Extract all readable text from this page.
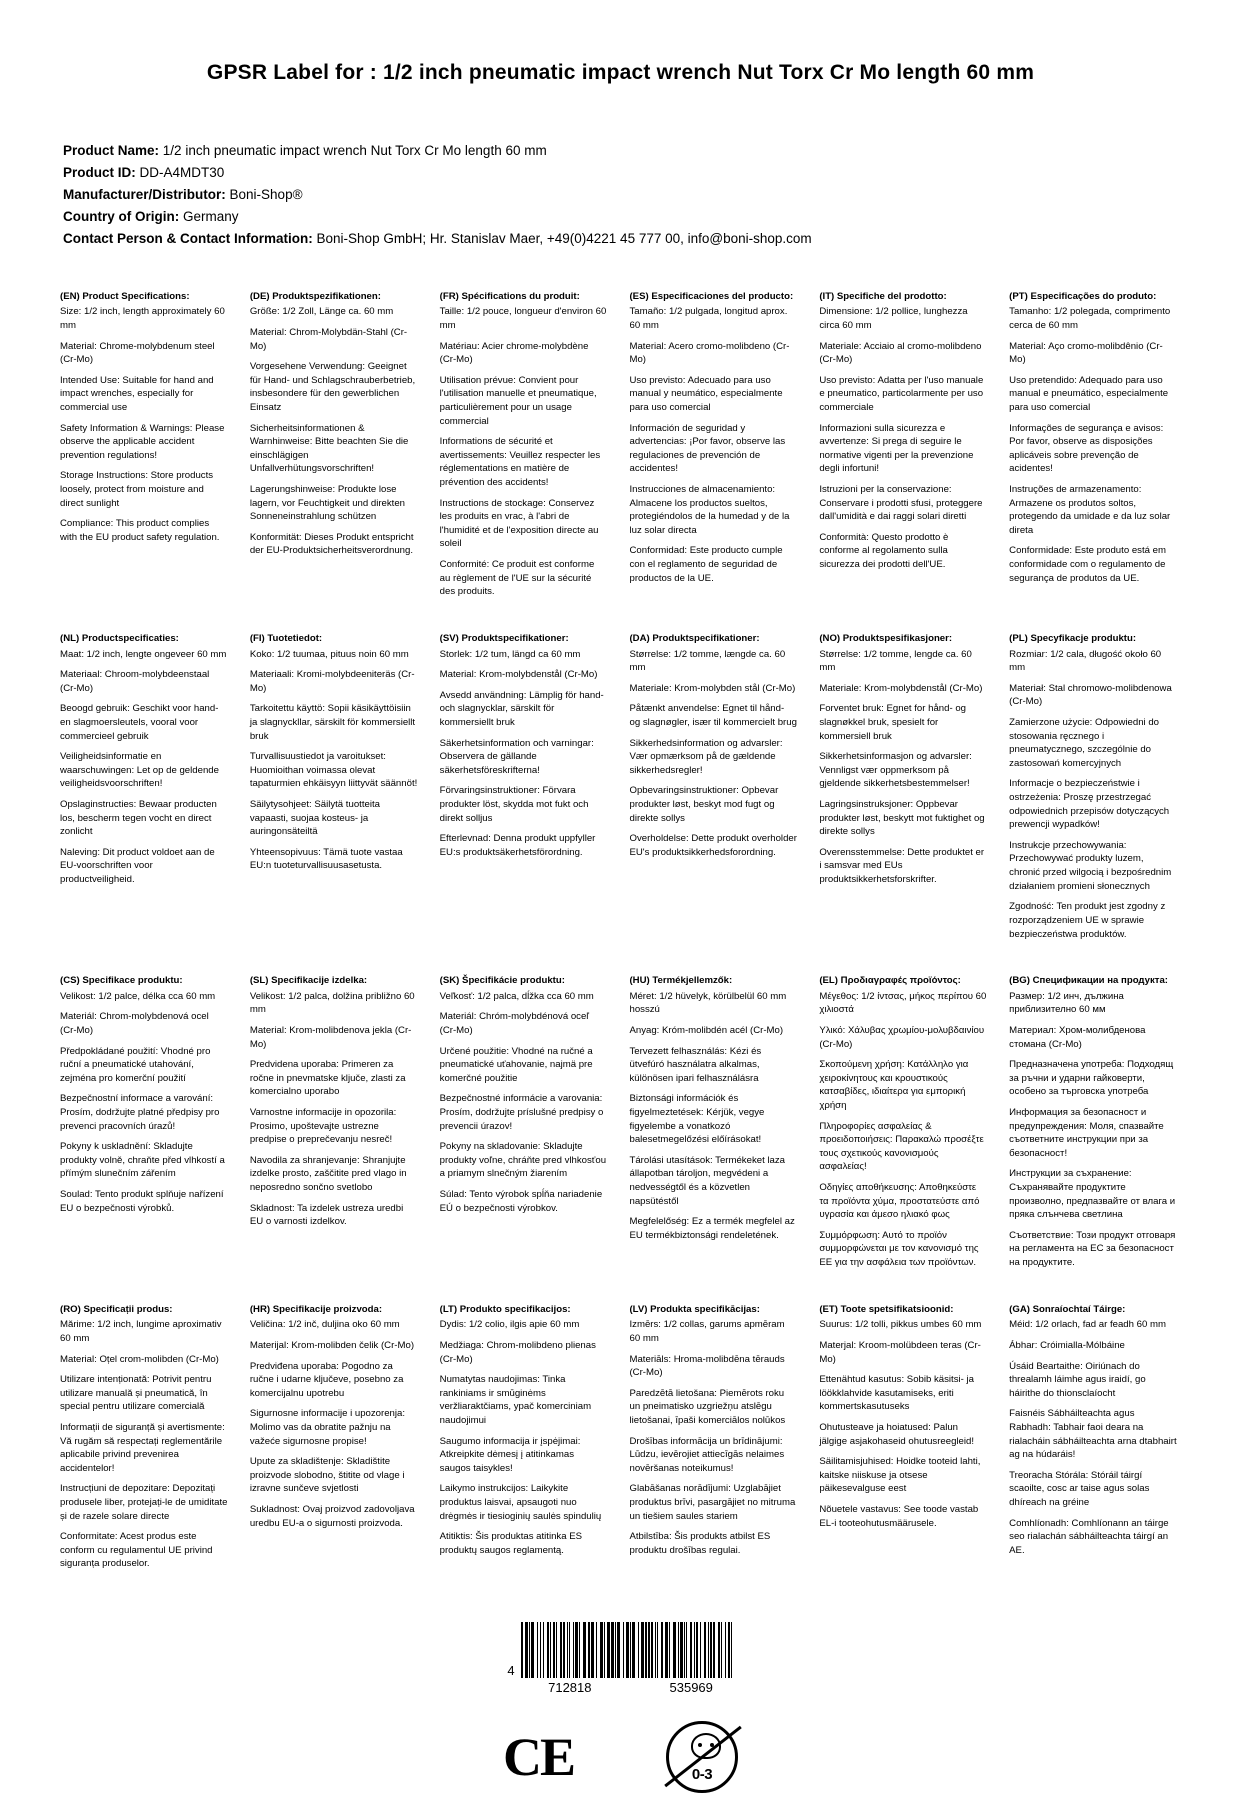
GPSR Label for : 1/2 inch pneumatic impact wrench Nut Torx Cr Mo length 60 mm
Product Name: 1/2 inch pneumatic impact wrench Nut Torx Cr Mo length 60 mm
Product ID: DD-A4MDT30
Manufacturer/Distributor: Boni-Shop®
Country of Origin: Germany
Contact Person & Contact Information: Boni-Shop GmbH; Hr. Stanislav Maer, +49(0)4221 45 777 00, info@boni-shop.com
(EN) Product Specifications:

Size: 1/2 inch, length approximately 60 mm

Material: Chrome-molybdenum steel (Cr-Mo)

Intended Use: Suitable for hand and impact wrenches, especially for commercial use

Safety Information & Warnings: Please observe the applicable accident prevention regulations!

Storage Instructions: Store products loosely, protect from moisture and direct sunlight

Compliance: This product complies with the EU product safety regulation.

(DE) Produktspezifikationen:

Größe: 1/2 Zoll, Länge ca. 60 mm

Material: Chrom-Molybdän-Stahl (Cr-Mo)

Vorgesehene Verwendung: Geeignet für Hand- und Schlagschrauberbetrieb, insbesondere für den gewerblichen Einsatz

Sicherheitsinformationen & Warnhinweise: Bitte beachten Sie die einschlägigen Unfallverhütungsvorschriften!

Lagerungshinweise: Produkte lose lagern, vor Feuchtigkeit und direkten Sonneneinstrahlung schützen

Konformität: Dieses Produkt entspricht der EU-Produktsicherheitsverordnung.

(FR) Spécifications du produit:

Taille: 1/2 pouce, longueur d'environ 60 mm

Matériau: Acier chrome-molybdène (Cr-Mo)

Utilisation prévue: Convient pour l'utilisation manuelle et pneumatique, particulièrement pour un usage commercial

Informations de sécurité et avertissements: Veuillez respecter les réglementations en matière de prévention des accidents!

Instructions de stockage: Conservez les produits en vrac, à l'abri de l'humidité et de l'exposition directe au soleil

Conformité: Ce produit est conforme au règlement de l'UE sur la sécurité des produits.

(ES) Especificaciones del producto:

Tamaño: 1/2 pulgada, longitud aprox. 60 mm

Material: Acero cromo-molibdeno (Cr-Mo)

Uso previsto: Adecuado para uso manual y neumático, especialmente para uso comercial

Información de seguridad y advertencias: ¡Por favor, observe las regulaciones de prevención de accidentes!

Instrucciones de almacenamiento: Almacene los productos sueltos, protegiéndolos de la humedad y de la luz solar directa

Conformidad: Este producto cumple con el reglamento de seguridad de productos de la UE.

(IT) Specifiche del prodotto:

Dimensione: 1/2 pollice, lunghezza circa 60 mm

Materiale: Acciaio al cromo-molibdeno (Cr-Mo)

Uso previsto: Adatta per l'uso manuale e pneumatico, particolarmente per uso commerciale

Informazioni sulla sicurezza e avvertenze: Si prega di seguire le normative vigenti per la prevenzione degli infortuni!

Istruzioni per la conservazione: Conservare i prodotti sfusi, proteggere dall'umidità e dai raggi solari diretti

Conformità: Questo prodotto è conforme al regolamento sulla sicurezza dei prodotti dell'UE.

(PT) Especificações do produto:

Tamanho: 1/2 polegada, comprimento cerca de 60 mm

Material: Aço cromo-molibdênio (Cr-Mo)

Uso pretendido: Adequado para uso manual e pneumático, especialmente para uso comercial

Informações de segurança e avisos: Por favor, observe as disposições aplicáveis sobre prevenção de acidentes!

Instruções de armazenamento: Armazene os produtos soltos, protegendo da umidade e da luz solar direta

Conformidade: Este produto está em conformidade com o regulamento de segurança de produtos da UE.

(NL) Productspecificaties:

Maat: 1/2 inch, lengte ongeveer 60 mm

Materiaal: Chroom-molybdeenstaal (Cr-Mo)

Beoogd gebruik: Geschikt voor hand- en slagmoersleutels, vooral voor commercieel gebruik

Veiligheidsinformatie en waarschuwingen: Let op de geldende veiligheidsvoorschriften!

Opslaginstructies: Bewaar producten los, bescherm tegen vocht en direct zonlicht

Naleving: Dit product voldoet aan de EU-voorschriften voor productveiligheid.

(FI) Tuotetiedot:

Koko: 1/2 tuumaa, pituus noin 60 mm

Materiaali: Kromi-molybdeeniteräs (Cr-Mo)

Tarkoitettu käyttö: Sopii käsikäyttöisiin ja slagnyckllar, särskilt för kommersiellt bruk

Turvallisuustiedot ja varoitukset: Huomioithan voimassa olevat tapaturmien ehkäisyyn liittyvät säännöt!

Säilytysohjeet: Säilytä tuotteita vapaasti, suojaa kosteus- ja auringonsäteiltä

Yhteensopivuus: Tämä tuote vastaa EU:n tuoteturvallisuusasetusta.

(SV) Produktspecifikationer:

Storlek: 1/2 tum, längd ca 60 mm

Material: Krom-molybdenstål (Cr-Mo)

Avsedd användning: Lämplig för hand- och slagnycklar, särskilt för kommersiellt bruk

Säkerhetsinformation och varningar: Observera de gällande säkerhetsföreskrifterna!

Förvaringsinstruktioner: Förvara produkter löst, skydda mot fukt och direkt solljus

Efterlevnad: Denna produkt uppfyller EU:s produktsäkerhetsförordning.

(DA) Produktspecifikationer:

Størrelse: 1/2 tomme, længde ca. 60 mm

Materiale: Krom-molybden stål (Cr-Mo)

Påtænkt anvendelse: Egnet til hånd- og slagnøgler, især til kommercielt brug

Sikkerhedsinformation og advarsler: Vær opmærksom på de gældende sikkerhedsregler!

Opbevaringsinstruktioner: Opbevar produkter løst, beskyt mod fugt og direkte sollys

Overholdelse: Dette produkt overholder EU's produktsikkerhedsforordning.

(NO) Produktspesifikasjoner:

Størrelse: 1/2 tomme, lengde ca. 60 mm

Materiale: Krom-molybdenstål (Cr-Mo)

Forventet bruk: Egnet for hånd- og slagnøkkel bruk, spesielt for kommersiell bruk

Sikkerhetsinformasjon og advarsler: Vennligst vær oppmerksom på gjeldende sikkerhetsbestemmelser!

Lagringsinstruksjoner: Oppbevar produkter løst, beskytt mot fuktighet og direkte sollys

Overensstemmelse: Dette produktet er i samsvar med EUs produktsikkerhetsforskrifter.

(PL) Specyfikacje produktu:

Rozmiar: 1/2 cala, długość około 60 mm

Materiał: Stal chromowo-molibdenowa (Cr-Mo)

Zamierzone użycie: Odpowiedni do stosowania ręcznego i pneumatycznego, szczególnie do zastosowań komercyjnych

Informacje o bezpieczeństwie i ostrzeżenia: Proszę przestrzegać odpowiednich przepisów dotyczących prewencji wypadków!

Instrukcje przechowywania: Przechowywać produkty luzem, chronić przed wilgocią i bezpośrednim działaniem promieni słonecznych

Zgodność: Ten produkt jest zgodny z rozporządzeniem UE w sprawie bezpieczeństwa produktów.

(CS) Specifikace produktu:

Velikost: 1/2 palce, délka cca 60 mm

Materiál: Chrom-molybdenová ocel (Cr-Mo)

Předpokládané použití: Vhodné pro ruční a pneumatické utahování, zejména pro komerční použití

Bezpečnostní informace a varování: Prosím, dodržujte platné předpisy pro prevenci pracovních úrazů!

Pokyny k uskladnění: Skladujte produkty volně, chraňte před vlhkostí a přímým slunečním zářením

Soulad: Tento produkt splňuje nařízení EU o bezpečnosti výrobků.

(SL) Specifikacije izdelka:

Velikost: 1/2 palca, dolžina približno 60 mm

Material: Krom-molibdenova jekla (Cr-Mo)

Predvidena uporaba: Primeren za ročne in pnevmatske ključe, zlasti za komercialno uporabo

Varnostne informacije in opozorila: Prosimo, upoštevajte ustrezne predpise o preprečevanju nesreč!

Navodila za shranjevanje: Shranjujte izdelke prosto, zaščitite pred vlago in neposredno sončno svetlobo

Skladnost: Ta izdelek ustreza uredbi EU o varnosti izdelkov.

(SK) Špecifikácie produktu:

Veľkosť: 1/2 palca, dĺžka cca 60 mm

Materiál: Chróm-molybdénová oceľ (Cr-Mo)

Určené použitie: Vhodné na ručné a pneumatické uťahovanie, najmä pre komerčné použitie

Bezpečnostné informácie a varovania: Prosím, dodržujte príslušné predpisy o prevencii úrazov!

Pokyny na skladovanie: Skladujte produkty voľne, chráňte pred vlhkosťou a priamym slnečným žiarením

Súlad: Tento výrobok spĺňa nariadenie EÚ o bezpečnosti výrobkov.

(HU) Termékjellemzők:

Méret: 1/2 hüvelyk, körülbelül 60 mm hosszú

Anyag: Króm-molibdén acél (Cr-Mo)

Tervezett felhasználás: Kézi és ütvefúró használatra alkalmas, különösen ipari felhasználásra

Biztonsági információk és figyelmeztetések: Kérjük, vegye figyelembe a vonatkozó balesetmegelőzési előírásokat!

Tárolási utasítások: Termékeket laza állapotban tároljon, megvédeni a nedvességtől és a közvetlen napsütéstől

Megfelelőség: Ez a termék megfelel az EU termékbiztonsági rendeletének.

(EL) Προδιαγραφές προϊόντος:

Μέγεθος: 1/2 ίντσας, μήκος περίπου 60 χιλιοστά

Υλικό: Χάλυβας χρωμίου-μολυβδαινίου (Cr-Mo)

Σκοπούμενη χρήση: Κατάλληλο για χειροκίνητους και κρουστικούς κατσαβίδες, ιδιαίτερα για εμπορική χρήση

Πληροφορίες ασφαλείας & προειδοποιήσεις: Παρακαλώ προσέξτε τους σχετικούς κανονισμούς ασφαλείας!

Οδηγίες αποθήκευσης: Αποθηκεύστε τα προϊόντα χύμα, προστατεύστε από υγρασία και άμεσο ηλιακό φως

Συμμόρφωση: Αυτό το προϊόν συμμορφώνεται με τον κανονισμό της ΕΕ για την ασφάλεια των προϊόντων.

(BG) Спецификации на продукта:

Размер: 1/2 инч, дължина приблизително 60 мм

Материал: Хром-молибденова стомана (Cr-Mo)

Предназначена употреба: Подходящ за ръчни и ударни гайковерти, особено за търговска употреба

Информация за безопасност и предупреждения: Моля, спазвайте съответните инструкции при за безопасност!

Инструкции за съхранение: Съхранявайте продуктите произволно, предпазвайте от влага и пряка слънчева светлина

Съответствие: Този продукт отговаря на регламента на ЕС за безопасност на продуктите.

(RO) Specificații produs:

Mărime: 1/2 inch, lungime aproximativ 60 mm

Material: Oțel crom-molibden (Cr-Mo)

Utilizare intenționată: Potrivit pentru utilizare manuală și pneumatică, în special pentru utilizare comercială

Informații de siguranță și avertismente: Vă rugăm să respectați reglementările aplicabile privind prevenirea accidentelor!

Instrucțiuni de depozitare: Depozitați produsele liber, protejați-le de umiditate și de razele solare directe

Conformitate: Acest produs este conform cu regulamentul UE privind siguranța produselor.

(HR) Specifikacije proizvoda:

Veličina: 1/2 inč, duljina oko 60 mm

Materijal: Krom-molibden čelik (Cr-Mo)

Predviđena uporaba: Pogodno za ručne i udarne ključeve, posebno za komercijalnu upotrebu

Sigurnosne informacije i upozorenja: Molimo vas da obratite pažnju na važeće sigurnosne propise!

Upute za skladištenje: Skladištite proizvode slobodno, štitite od vlage i izravne sunčeve svjetlosti

Sukladnost: Ovaj proizvod zadovoljava uredbu EU-a o sigurnosti proizvoda.

(LT) Produkto specifikacijos:

Dydis: 1/2 colio, ilgis apie 60 mm

Medžiaga: Chrom-molibdeno plienas (Cr-Mo)

Numatytas naudojimas: Tinka rankiniams ir smūginėms veržliaraktčiams, ypač komerciniam naudojimui

Saugumo informacija ir įspėjimai: Atkreipkite dėmesį į atitinkamas saugos taisykles!

Laikymo instrukcijos: Laikykite produktus laisvai, apsaugoti nuo drėgmės ir tiesioginių saulės spindulių

Atitiktis: Šis produktas atitinka ES produktų saugos reglamentą.

(LV) Produkta specifikācijas:

Izmērs: 1/2 collas, garums apmēram 60 mm

Materiāls: Hroma-molibdēna tērauds (Cr-Mo)

Paredzētā lietošana: Piemērots roku un pneimatisko uzgriežņu atslēgu lietošanai, īpaši komerciālos nolūkos

Drošības informācija un brīdinājumi: Lūdzu, ievērojiet attiecīgās nelaimes novēršanas noteikumus!

Glabāšanas norādījumi: Uzglabājiet produktus brīvi, pasargājiet no mitruma un tiešiem saules stariem

Atbilstība: Šis produkts atbilst ES produktu drošības regulai.

(ET) Toote spetsifikatsioonid:

Suurus: 1/2 tolli, pikkus umbes 60 mm

Materjal: Kroom-molübdeen teras (Cr-Mo)

Ettenähtud kasutus: Sobib käsitsi- ja löökklahvide kasutamiseks, eriti kommertskasutuseks

Ohutusteave ja hoiatused: Palun jälgige asjakohaseid ohutusreegleid!

Säilitamisjuhised: Hoidke tooteid lahti, kaitske niiskuse ja otsese päikesevalguse eest

Nõuetele vastavus: See toode vastab EL-i tooteohutusmäärusele.

(GA) Sonraíochtaí Táirge:

Méid: 1/2 orlach, fad ar feadh 60 mm

Ábhar: Cróimialla-Mólbáine

Úsáid Beartaithe: Oiriúnach do threalamh láimhe agus iraidí, go háirithe do thionsclaíocht

Faisnéis Sábháilteachta agus Rabhadh: Tabhair faoi deara na rialacháin sábháilteachta arna dtabhairt ag na húdaráis!

Treoracha Stórála: Stóráil táirgí scaoilte, cosc ar taise agus solas dhíreach na gréine

Comhlíonadh: Comhlíonann an táirge seo rialachán sábháilteachta táirgí an AE.

4
712818	535969
CE	0-3
